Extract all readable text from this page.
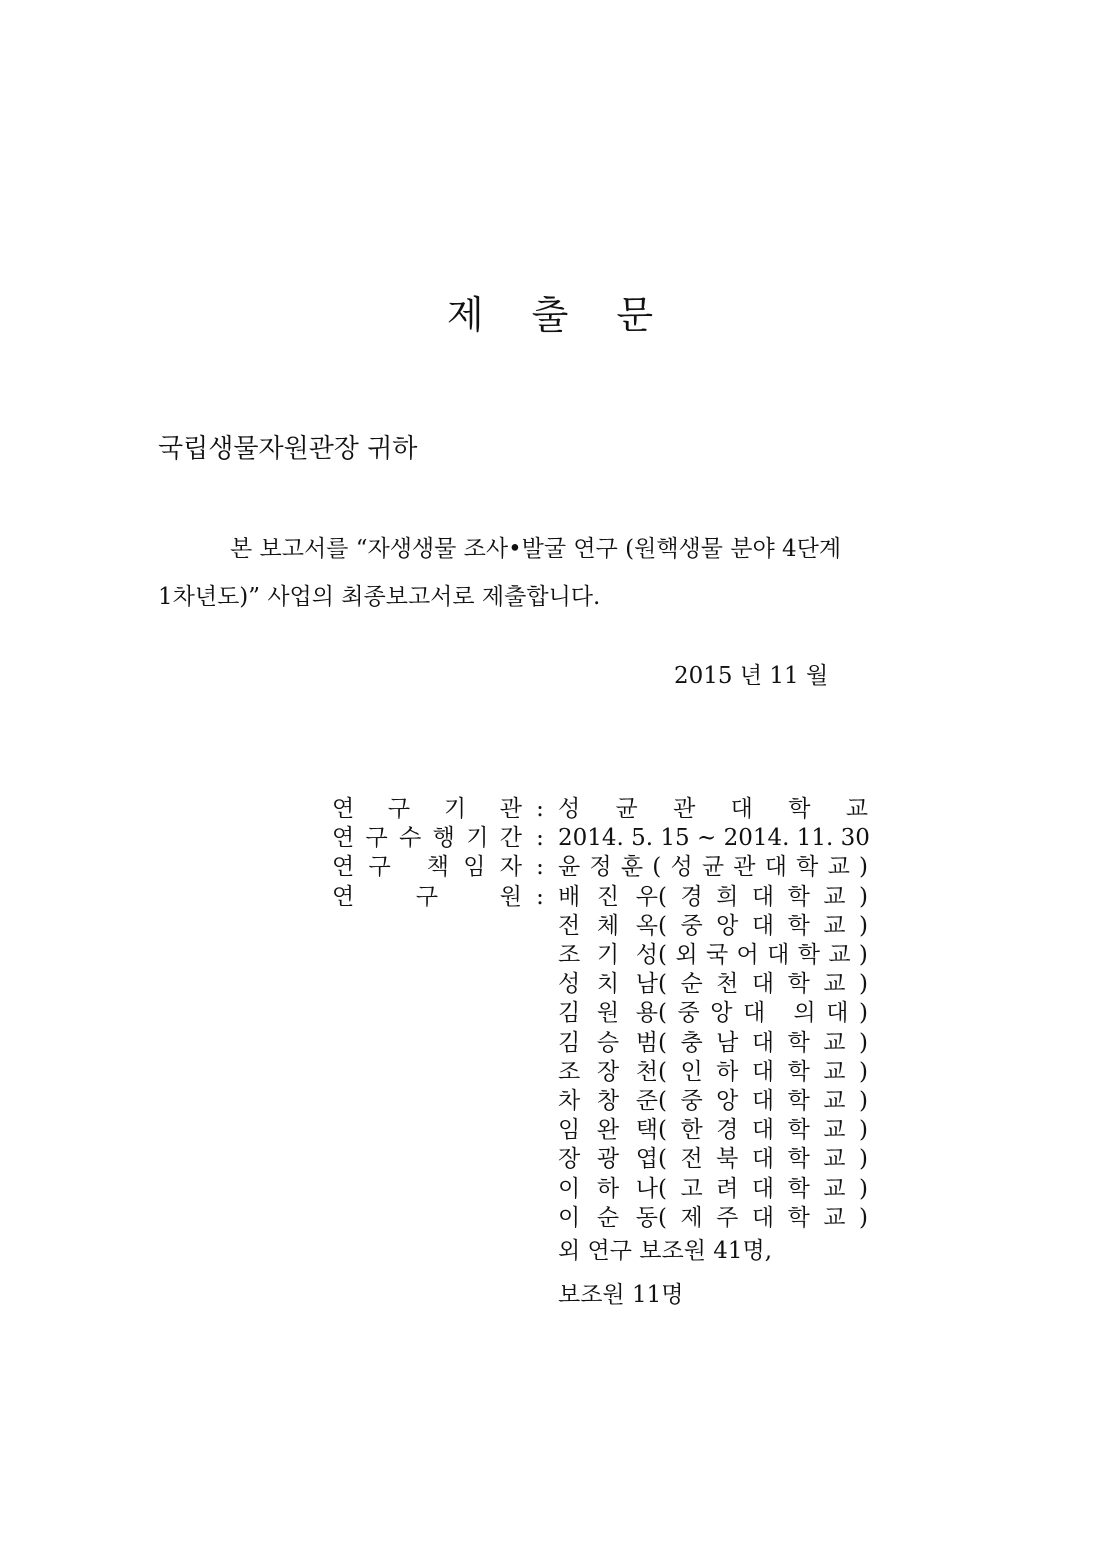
제 출 문
국립생물자원관장 귀하
본 보고서를 “자생생물 조사•발굴 연구 (원핵생물 분야 4단계
1차년도)” 사업의 최종보고서로 제출합니다.
2015 년 11 월
연 구 기 관 : 성 균 관 대 학 교
연 구 수 행 기 간 : 2014. 5. 15 ~ 2014. 11. 30
연 구
책 임 자 : 윤 정 훈 ( 성 균 관 대 학 교 )
연
	구
	원 : 배 진 우 ( 경 희 대 학 교 )
전 체 옥 ( 중 앙 대 학 교 )
조 기 성 ( 외 국 어 대 학 교 )
성 치 남 ( 순 천 대 학 교 )
김 원 용 ( 중 앙 대
의 대 )
김 승 범 ( 충 남 대 학 교 )
조 장 천 ( 인 하 대 학 교 )
차 창 준 ( 중 앙 대 학 교 )
임 완 택 ( 한 경 대 학 교 )
장 광 엽 ( 전 북 대 학 교 )
이 하 나 ( 고 려 대 학 교 )
이 순 동 ( 제 주 대 학 교 )
외 연구 보조원 41명,
보조원 11명
